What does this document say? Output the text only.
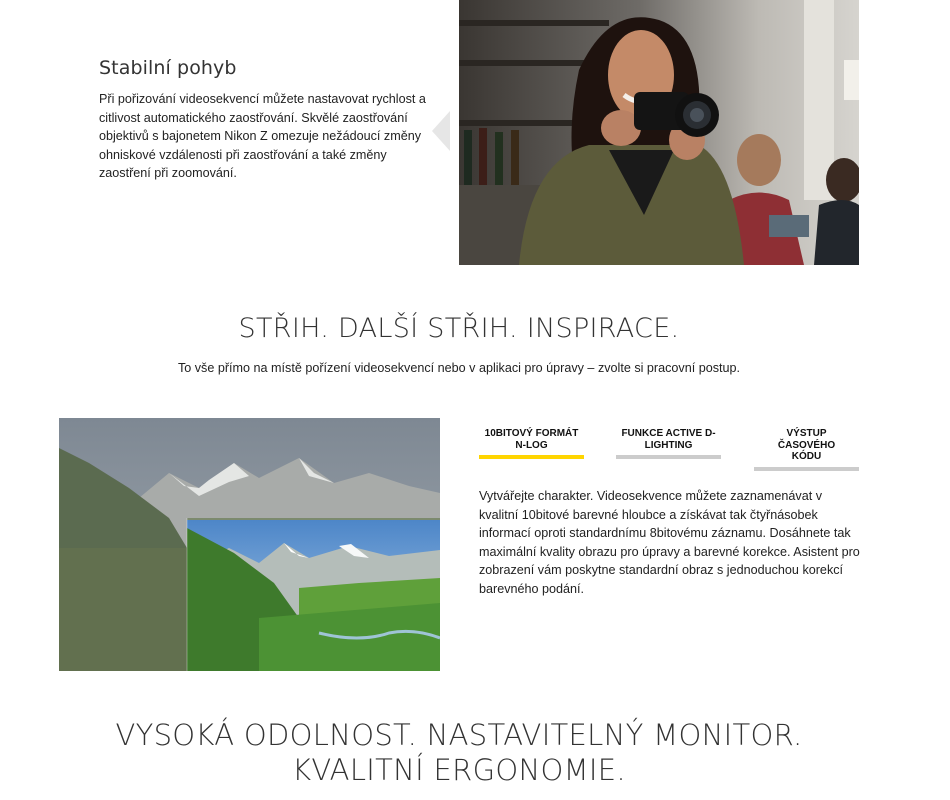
Stabilní pohyb

Při pořizování videosekvencí můžete nastavovat rychlost a citlivost automatického zaostřování. Skvělé zaostřování objektivů s bajonetem Nikon Z omezuje nežádoucí změny ohniskové vzdálenosti při zaostřování a také změny zaostření při zoomování.

STŘIH. DALŠÍ STŘIH. INSPIRACE.

To vše přímo na místě pořízení videosekvencí nebo v aplikaci pro úpravy – zvolte si pracovní postup.

10BITOVÝ FORMÁT N-LOG
FUNKCE ACTIVE D-LIGHTING
VÝSTUP ČASOVÉHO KÓDU

Vytvářejte charakter. Videosekvence můžete zaznamenávat v kvalitní 10bitové barevné hloubce a získávat tak čtyřnásobek informací oproti standardnímu 8bitovému záznamu. Dosáhnete tak maximální kvality obrazu pro úpravy a barevné korekce. Asistent pro zobrazení vám poskytne standardní obraz s jednoduchou korekcí barevného podání.

VYSOKÁ ODOLNOST. NASTAVITELNÝ MONITOR. KVALITNÍ ERGONOMIE.
